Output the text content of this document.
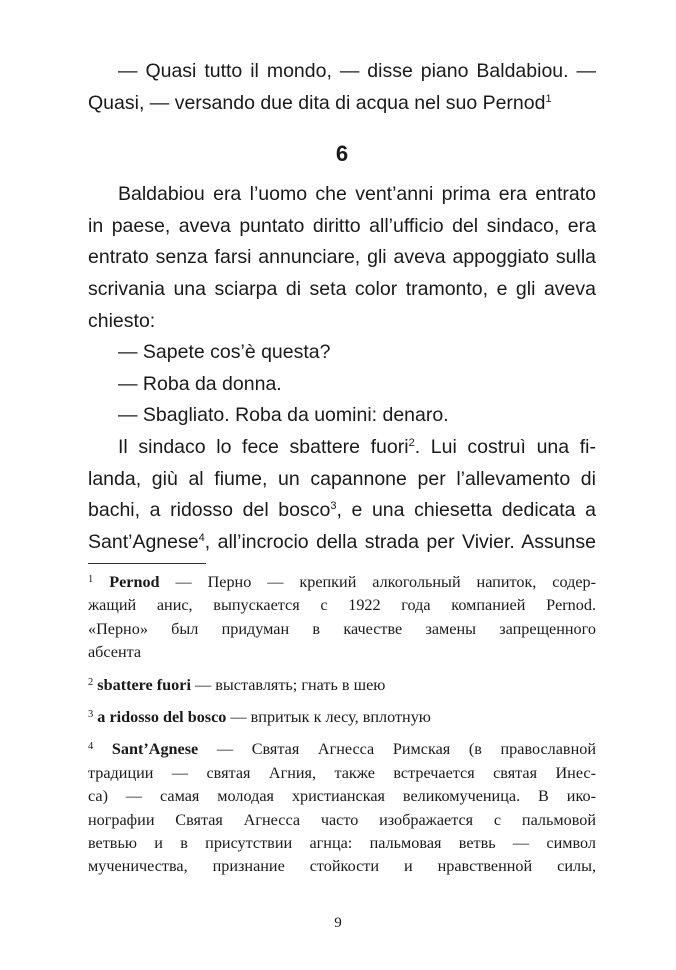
— Quasi tutto il mondo, — disse piano Baldabiou. —
Quasi, — versando due dita di acqua nel suo Pernod$^1$
6
Baldabiou era l’uomo che vent’anni prima era entrato
in paese, aveva puntato diritto all’ufficio del sindaco, era
entrato senza farsi annunciare, gli aveva appoggiato sulla
scrivania una sciarpa di seta color tramonto, e gli aveva
chiesto:
— Sapete cos’è questa?
— Roba da donna.
— Sbagliato. Roba da uomini: denaro.
Il sindaco lo fece sbattere fuori$^2$. Lui costruì una fi-
landa, giù al fiume, un capannone per l’allevamento di
bachi, a ridosso del bosco$^3$, e una chiesetta dedicata a
Sant’Agnese$^4$, all’incrocio della strada per Vivier. Assunse
$^1$ Pernod — Перно — крепкий алкогольный напиток, содер-
жащий анис, выпускается с 1922 года компанией Pernod.
«Перно» был придуман в качестве замены запрещенного
абсента
$^2$ sbattere fuori — выставлять; гнать в шею
$^3$ a ridosso del bosco — впритык к лесу, вплотную
$^4$ Sant’Agnese — Святая Агнесса Римская (в православной
традиции — святая Агния, также встречается святая Инес-
са) — самая молодая христианская великомученица. В ико-
нографии Святая Агнесса часто изображается с пальмовой
ветвью и в присутствии агнца: пальмовая ветвь — символ
мученичества, признание стойкости и нравственной силы,
9
